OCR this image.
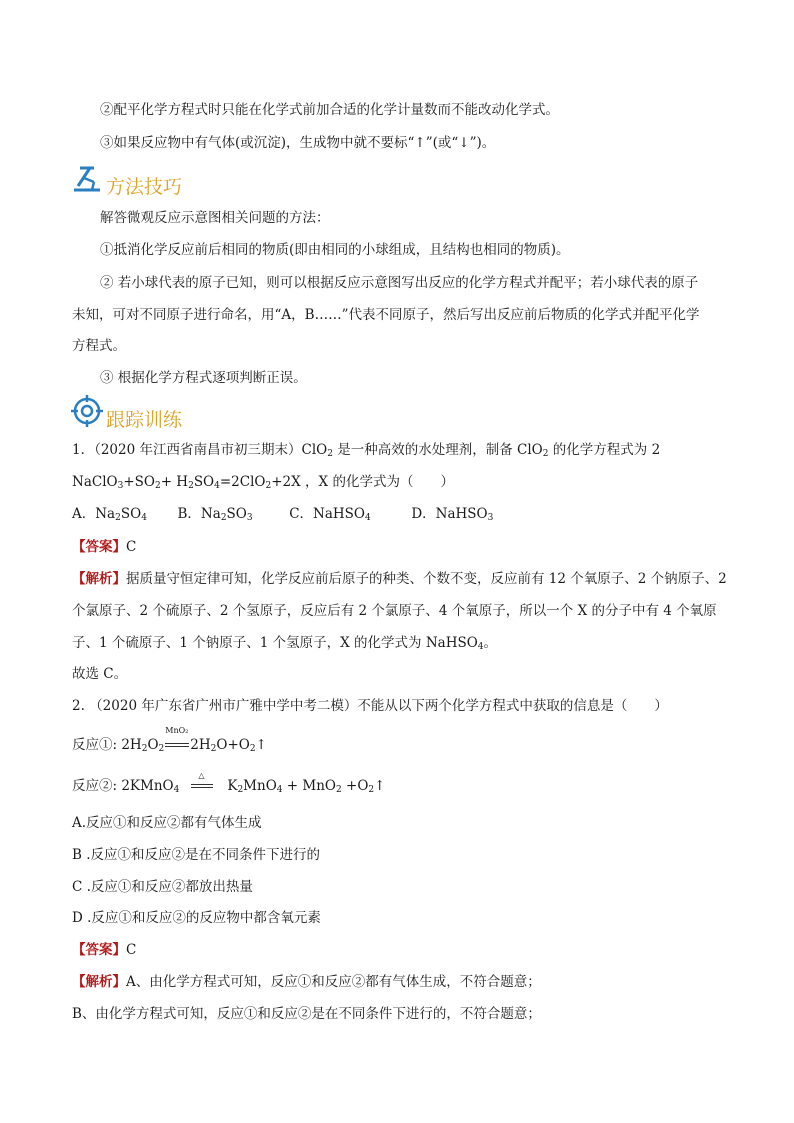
②配平化学方程式时只能在化学式前加合适的化学计量数而不能改动化学式。
③如果反应物中有气体(或沉淀)，生成物中就不要标“↑”(或“↓”)。
方法技巧
解答微观反应示意图相关问题的方法：
①抵消化学反应前后相同的物质(即由相同的小球组成，且结构也相同的物质)。
② 若小球代表的原子已知，则可以根据反应示意图写出反应的化学方程式并配平；若小球代表的原子
未知，可对不同原子进行命名，用“A，B……”代表不同原子，然后写出反应前后物质的化学式并配平化学
方程式。
③ 根据化学方程式逐项判断正误。
跟踪训练
1．（2020 年江西省南昌市初三期末）ClO$_2$ 是一种高效的水处理剂，制备 ClO$_2$ 的化学方程式为 2
$NaClO_3+SO_2+ H_2SO_4=2ClO_2+2X$ ，X 的化学式为（　　）
A．$Na_2SO_4$ B．$Na_2SO_3$	C．NaHSO$_4$	D．NaHSO$_3$
【答案】C
【解析】据质量守恒定律可知，化学反应前后原子的种类、个数不变，反应前有 12 个氧原子、2 个钠原子、2
个氯原子、2 个硫原子、2 个氢原子，反应后有 2 个氯原子、4 个氧原子，所以一个 X 的分子中有 4 个氧原
子、1 个硫原子、1 个钠原子、1 个氢原子，X 的化学式为 NaHSO$_4$。
故选 C。
2. （2020 年广东省广州市广雅中学中考二模）不能从以下两个化学方程式中获取的信息是（　　）
反应①: $2H_2O_2$
MnO₂
$2H_2O+O_2↑$
反应②: 2KMnO$_4$
△
$K_2MnO_4 + MnO_2$ $+O_2↑$
A.反应①和反应②都有气体生成
B .反应①和反应②是在不同条件下进行的
C .反应①和反应②都放出热量
D .反应①和反应②的反应物中都含氧元素
【答案】C
【解析】A、由化学方程式可知，反应①和反应②都有气体生成，不符合题意；
B、由化学方程式可知，反应①和反应②是在不同条件下进行的，不符合题意；
